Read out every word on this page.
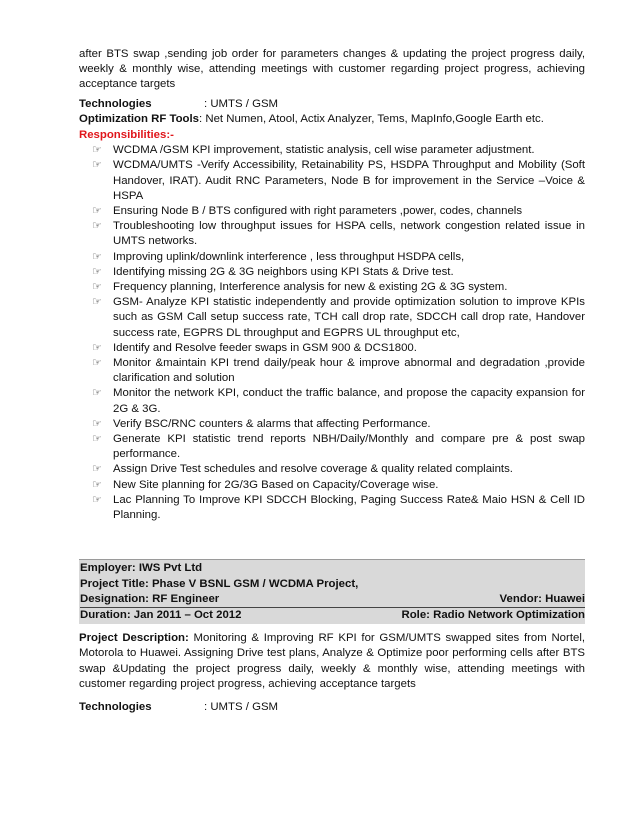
after BTS swap ,sending job order for parameters changes & updating the project progress daily, weekly & monthly wise, attending meetings with customer regarding project progress, achieving acceptance targets

Technologies	: UMTS / GSM
Optimization RF Tools: Net Numen, Atool, Actix Analyzer, Tems, MapInfo,Google Earth etc.
Responsibilities:-
☞ WCDMA /GSM KPI improvement, statistic analysis, cell wise parameter adjustment.
☞ WCDMA/UMTS -Verify Accessibility, Retainability PS, HSDPA Throughput and Mobility (Soft Handover, IRAT). Audit RNC Parameters, Node B for improvement in the Service –Voice & HSPA
☞ Ensuring Node B / BTS configured with right parameters ,power, codes, channels
☞ Troubleshooting low throughput issues for HSPA cells, network congestion related issue in UMTS networks.
☞ Improving uplink/downlink interference , less throughput HSDPA cells,
☞ Identifying missing 2G & 3G neighbors using KPI Stats & Drive test.
☞ Frequency planning, Interference analysis for new & existing 2G & 3G system.
☞ GSM- Analyze KPI statistic independently and provide optimization solution to improve KPIs such as GSM Call setup success rate, TCH call drop rate, SDCCH call drop rate, Handover success rate, EGPRS DL throughput and EGPRS UL throughput etc,
☞ Identify and Resolve feeder swaps in GSM 900 & DCS1800.
☞ Monitor &maintain KPI trend daily/peak hour & improve abnormal and degradation ,provide clarification and solution
☞ Monitor the network KPI, conduct the traffic balance, and propose the capacity expansion for 2G & 3G.
☞ Verify BSC/RNC counters & alarms that affecting Performance.
☞ Generate KPI statistic trend reports NBH/Daily/Monthly and compare pre & post swap performance.
☞ Assign Drive Test schedules and resolve coverage & quality related complaints.
☞ New Site planning for 2G/3G Based on Capacity/Coverage wise.
☞ Lac Planning To Improve KPI SDCCH Blocking, Paging Success Rate& Maio HSN & Cell ID Planning.
Employer: IWS Pvt Ltd
Project Title: Phase V BSNL GSM / WCDMA Project,
Designation: RF Engineer	Vendor: Huawei
Duration: Jan 2011 – Oct 2012	Role: Radio Network Optimization

Project Description: Monitoring & Improving RF KPI for GSM/UMTS swapped sites from Nortel, Motorola to Huawei. Assigning Drive test plans, Analyze & Optimize poor performing cells after BTS swap &Updating the project progress daily, weekly & monthly wise, attending meetings with customer regarding project progress, achieving acceptance targets

Technologies	: UMTS / GSM
